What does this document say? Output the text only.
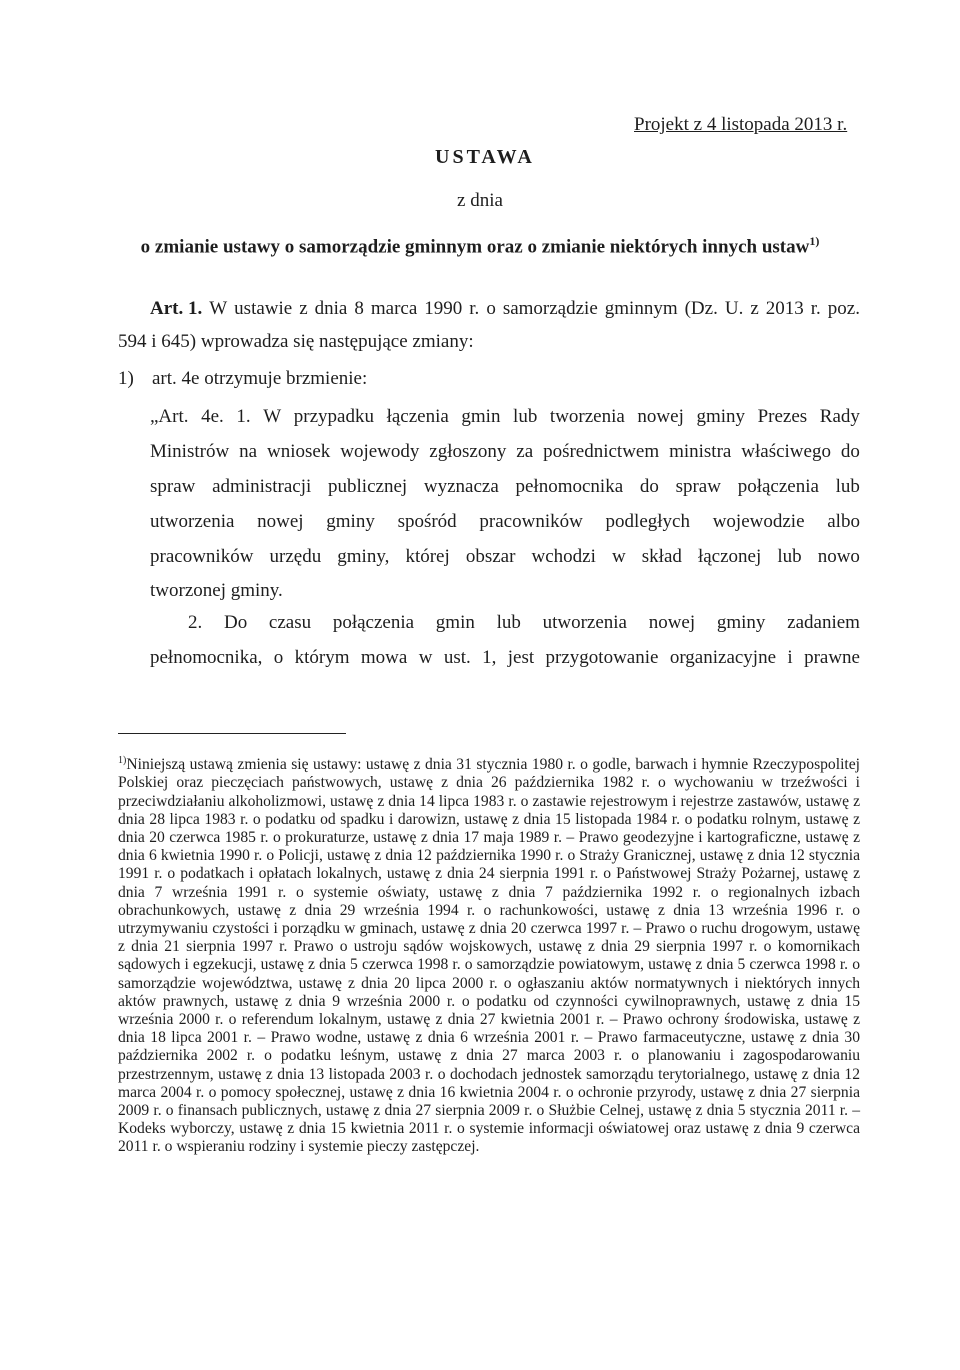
Projekt z 4 listopada 2013 r.
USTAWA
z dnia
o zmianie ustawy o samorządzie gminnym oraz o zmianie niektórych innych ustaw$^{1)}$
Art. 1. W ustawie z dnia 8 marca 1990 r. o samorządzie gminnym (Dz. U. z 2013 r. poz.
594 i 645) wprowadza się następujące zmiany:
1) art. 4e otrzymuje brzmienie:
„Art. 4e. 1. W przypadku łączenia gmin lub tworzenia nowej gminy Prezes Rady
Ministrów na wniosek wojewody zgłoszony za pośrednictwem ministra właściwego do
spraw administracji publicznej wyznacza pełnomocnika do spraw połączenia lub
utworzenia nowej gminy spośród pracowników podległych wojewodzie albo
pracowników urzędu gminy, której obszar wchodzi w skład łączonej lub nowo
tworzonej gminy.
2. Do czasu połączenia gmin lub utworzenia nowej gminy zadaniem
pełnomocnika, o którym mowa w ust. 1, jest przygotowanie organizacyjne i prawne
$^{1)}$Niniejszą ustawą zmienia się ustawy: ustawę z dnia 31 stycznia 1980 r. o godle, barwach i hymnie Rzeczypospolitej Polskiej oraz pieczęciach państwowych, ustawę z dnia 26 października 1982 r. o wychowaniu w trzeźwości i przeciwdziałaniu alkoholizmowi, ustawę z dnia 14 lipca 1983 r. o zastawie rejestrowym i rejestrze zastawów, ustawę z dnia 28 lipca 1983 r. o podatku od spadku i darowizn, ustawę z dnia 15 listopada 1984 r. o podatku rolnym, ustawę z dnia 20 czerwca 1985 r. o prokuraturze, ustawę z dnia 17 maja 1989 r. – Prawo geodezyjne i kartograficzne, ustawę z dnia 6 kwietnia 1990 r. o Policji, ustawę z dnia 12 października 1990 r. o Straży Granicznej, ustawę z dnia 12 stycznia 1991 r. o podatkach i opłatach lokalnych, ustawę z dnia 24 sierpnia 1991 r. o Państwowej Straży Pożarnej, ustawę z dnia 7 września 1991 r. o systemie oświaty, ustawę z dnia 7 października 1992 r. o regionalnych izbach obrachunkowych, ustawę z dnia 29 września 1994 r. o rachunkowości, ustawę z dnia 13 września 1996 r. o utrzymywaniu czystości i porządku w gminach, ustawę z dnia 20 czerwca 1997 r. – Prawo o ruchu drogowym, ustawę z dnia 21 sierpnia 1997 r. Prawo o ustroju sądów wojskowych, ustawę z dnia 29 sierpnia 1997 r. o komornikach sądowych i egzekucji, ustawę z dnia 5 czerwca 1998 r. o samorządzie powiatowym, ustawę z dnia 5 czerwca 1998 r. o samorządzie województwa, ustawę z dnia 20 lipca 2000 r. o ogłaszaniu aktów normatywnych i niektórych innych aktów prawnych, ustawę z dnia 9 września 2000 r. o podatku od czynności cywilnoprawnych, ustawę z dnia 15 września 2000 r. o referendum lokalnym, ustawę z dnia 27 kwietnia 2001 r. – Prawo ochrony środowiska, ustawę z dnia 18 lipca 2001 r. – Prawo wodne, ustawę z dnia 6 września 2001 r. – Prawo farmaceutyczne, ustawę z dnia 30 października 2002 r. o podatku leśnym, ustawę z dnia 27 marca 2003 r. o planowaniu i zagospodarowaniu przestrzennym, ustawę z dnia 13 listopada 2003 r. o dochodach jednostek samorządu terytorialnego, ustawę z dnia 12 marca 2004 r. o pomocy społecznej, ustawę z dnia 16 kwietnia 2004 r. o ochronie przyrody, ustawę z dnia 27 sierpnia 2009 r. o finansach publicznych, ustawę z dnia 27 sierpnia 2009 r. o Służbie Celnej, ustawę z dnia 5 stycznia 2011 r. – Kodeks wyborczy, ustawę z dnia 15 kwietnia 2011 r. o systemie informacji oświatowej oraz ustawę z dnia 9 czerwca 2011 r. o wspieraniu rodziny i systemie pieczy zastępczej.
